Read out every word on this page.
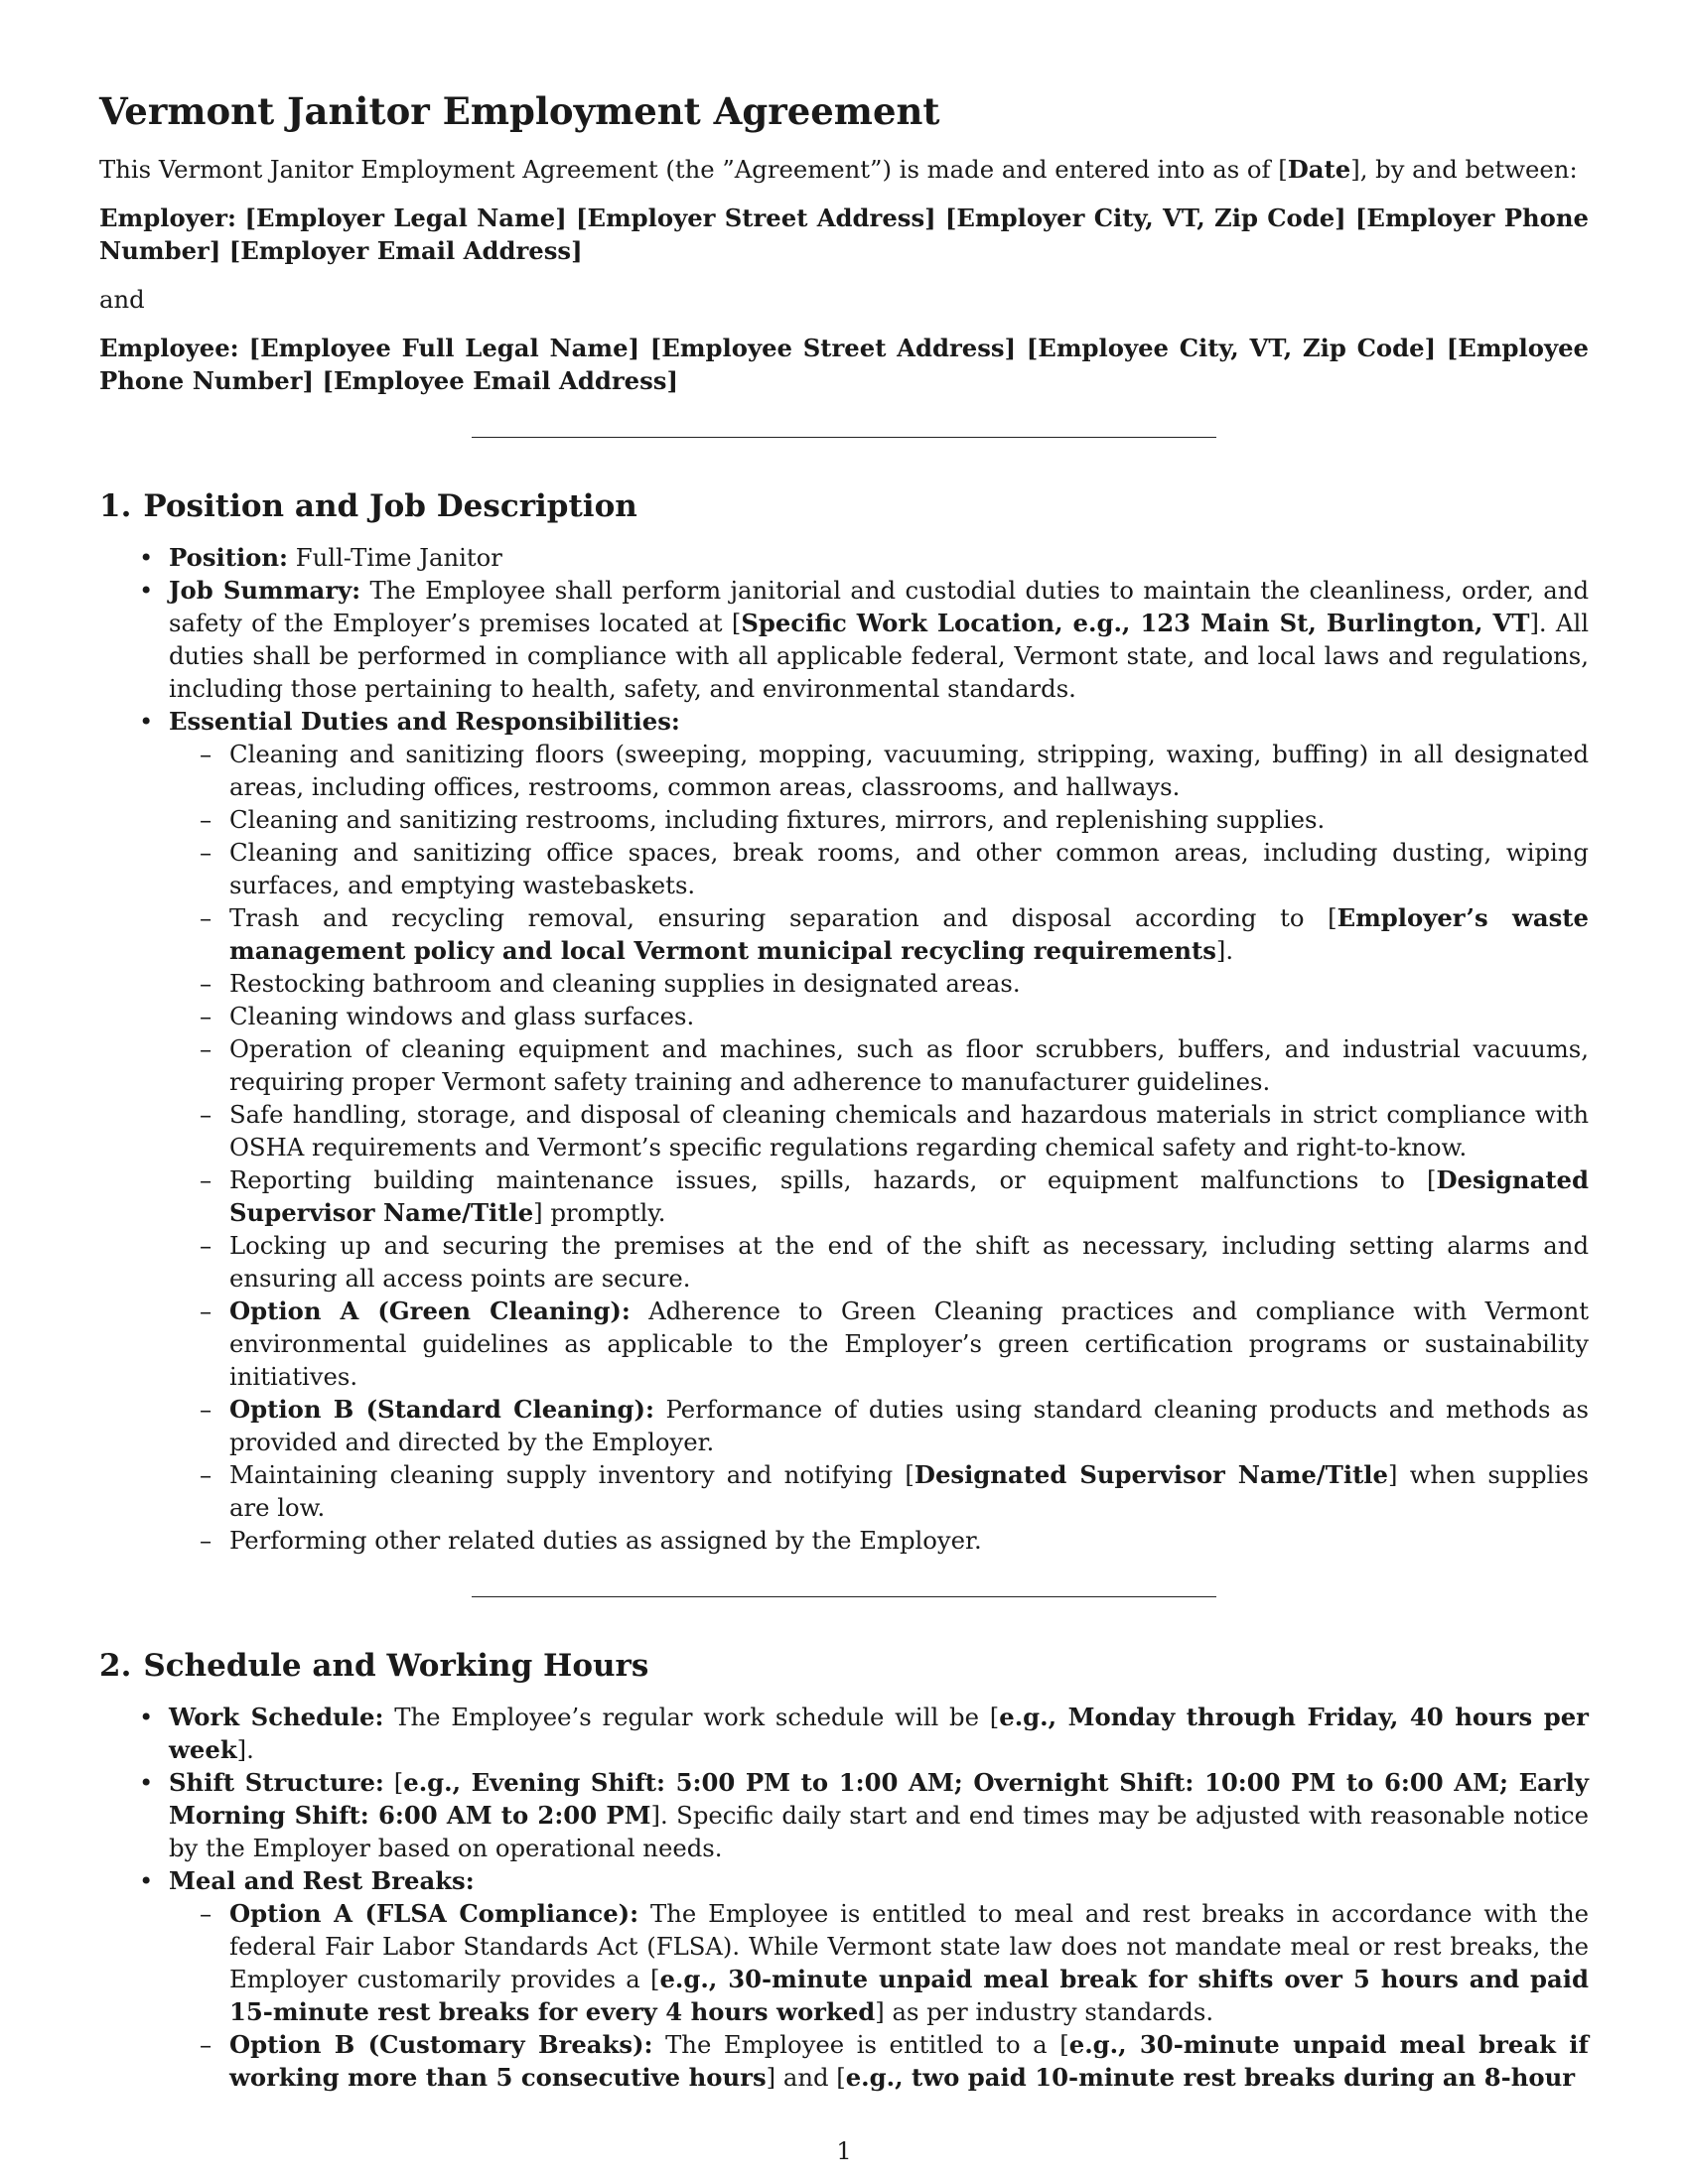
Vermont Janitor Employment Agreement

This Vermont Janitor Employment Agreement (the ”Agreement”) is made and entered into as of [Date], by and between:

Employer: [Employer Legal Name] [Employer Street Address] [Employer City, VT, Zip Code] [Employer Phone Number] [Employer Email Address]

and

Employee: [Employee Full Legal Name] [Employee Street Address] [Employee City, VT, Zip Code] [Employee Phone Number] [Employee Email Address]

1. Position and Job Description
• Position: Full-Time Janitor
• Job Summary: The Employee shall perform janitorial and custodial duties to maintain the cleanliness, order, and safety of the Employer’s premises located at [Specific Work Location, e.g., 123 Main St, Burlington, VT]. All duties shall be performed in compliance with all applicable federal, Vermont state, and local laws and regulations, including those pertaining to health, safety, and environmental standards.
• Essential Duties and Responsibilities:
– Cleaning and sanitizing floors (sweeping, mopping, vacuuming, stripping, waxing, buffing) in all designated areas, including offices, restrooms, common areas, classrooms, and hallways.
– Cleaning and sanitizing restrooms, including fixtures, mirrors, and replenishing supplies.
– Cleaning and sanitizing office spaces, break rooms, and other common areas, including dusting, wiping surfaces, and emptying wastebaskets.
– Trash and recycling removal, ensuring separation and disposal according to [Employer’s waste management policy and local Vermont municipal recycling requirements].
– Restocking bathroom and cleaning supplies in designated areas.
– Cleaning windows and glass surfaces.
– Operation of cleaning equipment and machines, such as floor scrubbers, buffers, and industrial vacuums, requiring proper Vermont safety training and adherence to manufacturer guidelines.
– Safe handling, storage, and disposal of cleaning chemicals and hazardous materials in strict compliance with OSHA requirements and Vermont’s specific regulations regarding chemical safety and right-to-know.
– Reporting building maintenance issues, spills, hazards, or equipment malfunctions to [Designated Supervisor Name/Title] promptly.
– Locking up and securing the premises at the end of the shift as necessary, including setting alarms and ensuring all access points are secure.
– Option A (Green Cleaning): Adherence to Green Cleaning practices and compliance with Vermont environmental guidelines as applicable to the Employer’s green certification programs or sustainability initiatives.
– Option B (Standard Cleaning): Performance of duties using standard cleaning products and methods as provided and directed by the Employer.
– Maintaining cleaning supply inventory and notifying [Designated Supervisor Name/Title] when supplies are low.
– Performing other related duties as assigned by the Employer.
2. Schedule and Working Hours
• Work Schedule: The Employee’s regular work schedule will be [e.g., Monday through Friday, 40 hours per week].
• Shift Structure: [e.g., Evening Shift: 5:00 PM to 1:00 AM; Overnight Shift: 10:00 PM to 6:00 AM; Early Morning Shift: 6:00 AM to 2:00 PM]. Specific daily start and end times may be adjusted with reasonable notice by the Employer based on operational needs.
• Meal and Rest Breaks:
– Option A (FLSA Compliance): The Employee is entitled to meal and rest breaks in accordance with the federal Fair Labor Standards Act (FLSA). While Vermont state law does not mandate meal or rest breaks, the Employer customarily provides a [e.g., 30-minute unpaid meal break for shifts over 5 hours and paid 15-minute rest breaks for every 4 hours worked] as per industry standards.
– Option B (Customary Breaks): The Employee is entitled to a [e.g., 30-minute unpaid meal break if working more than 5 consecutive hours] and [e.g., two paid 10-minute rest breaks during an 8-hour
1
